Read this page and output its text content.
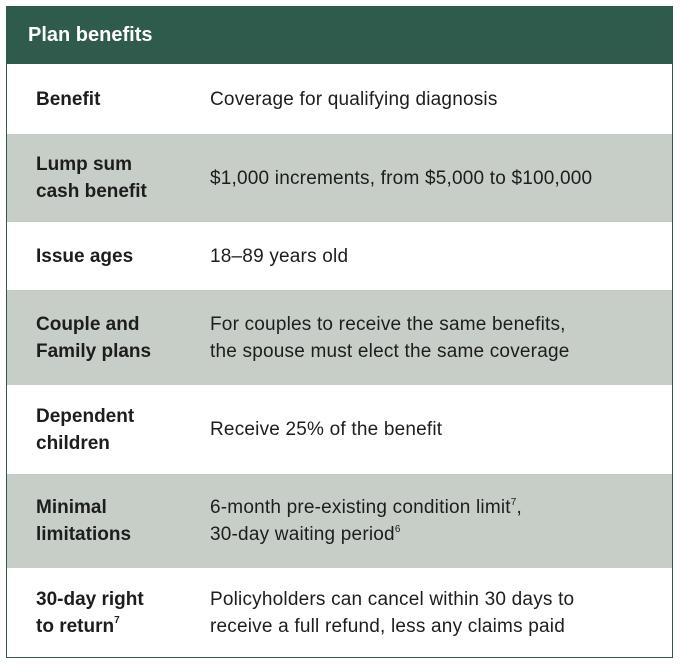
Plan benefits
Benefit	Coverage for qualifying diagnosis
Lump sum
cash benefit
$1,000 increments, from $5,000 to $100,000
Issue ages	18–89 years old
Couple and
Family plans
For couples to receive the same benefits,
the spouse must elect the same coverage
Dependent
children
Receive 25% of the benefit
Minimal
limitations
6-month pre-existing condition limit$^7$,
30-day waiting period$^6$
30-day right
to return$^7$
Policyholders can cancel within 30 days to
receive a full refund, less any claims paid
